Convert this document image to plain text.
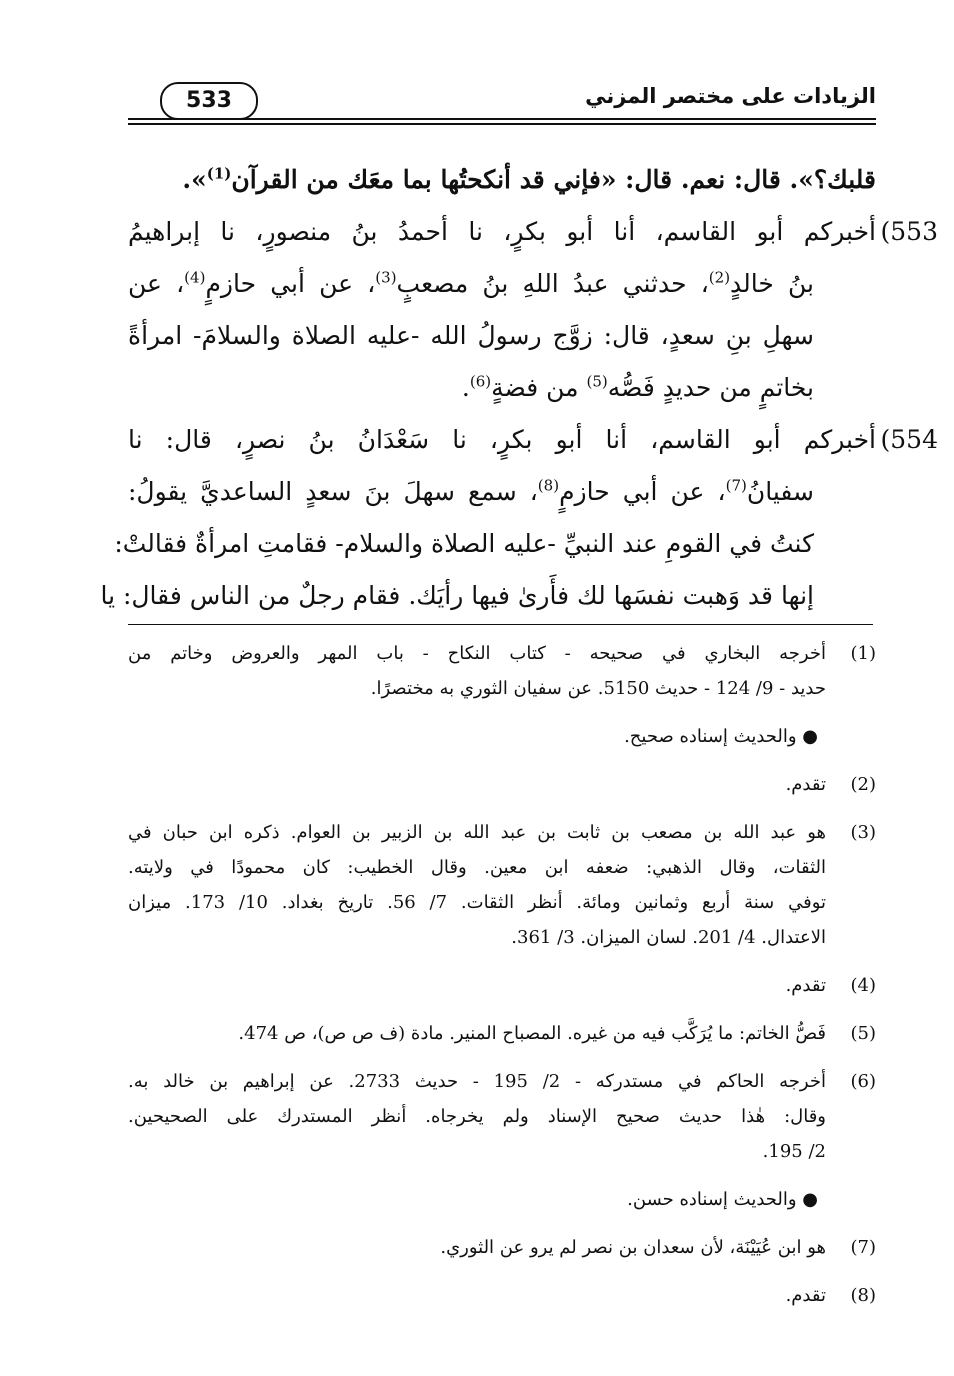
الزيادات على مختصر المزني
533
قلبك؟». قال: نعم. قال: «فإني قد أنكحتُها بما معَك من القرآن$^{(1)}$».
553)أخبركم أبو القاسم، أنا أبو بكرٍ، نا أحمدُ بنُ منصورٍ، نا إبراهيمُ
بنُ خالدٍ$^{(2)}$، حدثني عبدُ اللهِ بنُ مصعبٍ$^{(3)}$، عن أبي حازمٍ$^{(4)}$، عن
سهلِ بنِ سعدٍ، قال: زوَّج رسولُ الله -عليه الصلاة والسلامَ- امرأةً
بخاتمٍ من حديدٍ فَصُّه$^{(5)}$ من فضةٍ$^{(6)}$.
554)أخبركم أبو القاسم، أنا أبو بكرٍ، نا سَعْدَانُ بنُ نصرٍ، قال: نا
سفيانُ$^{(7)}$، عن أبي حازمٍ$^{(8)}$، سمع سهلَ بنَ سعدٍ الساعديَّ يقولُ:
كنتُ في القومِ عند النبيِّ -عليه الصلاة والسلام- فقامتِ امرأةٌ فقالتْ:
إنها قد وَهبت نفسَها لك فأَرىٰ فيها رأيَك. فقام رجلٌ من الناس فقال: يا
(1)أخرجه البخاري في صحيحه - كتاب النكاح - باب المهر والعروض وخاتم من
حديد - 9/ 124 - حديث 5150. عن سفيان الثوري به مختصرًا.
● والحديث إسناده صحيح.
(2)تقدم.
(3)هو عبد الله بن مصعب بن ثابت بن عبد الله بن الزبير بن العوام. ذكره ابن حبان في
الثقات، وقال الذهبي: ضعفه ابن معين. وقال الخطيب: كان محمودًا في ولايته.
توفي سنة أربع وثمانين ومائة. أنظر الثقات. 7/ 56. تاريخ بغداد. 10/ 173. ميزان
الاعتدال. 4/ 201. لسان الميزان. 3/ 361.
(4)تقدم.
(5)فَصُّ الخاتم: ما يُرَكَّب فيه من غيره. المصباح المنير. مادة (ف ص ص)، ص 474.
(6)أخرجه الحاكم في مستدركه - 2/ 195 - حديث 2733. عن إبراهيم بن خالد به.
وقال: هٰذا حديث صحيح الإسناد ولم يخرجاه. أنظر المستدرك على الصحيحين.
2/ 195.
● والحديث إسناده حسن.
(7)هو ابن عُيَيْنَة، لأن سعدان بن نصر لم يرو عن الثوري.
(8)تقدم.
